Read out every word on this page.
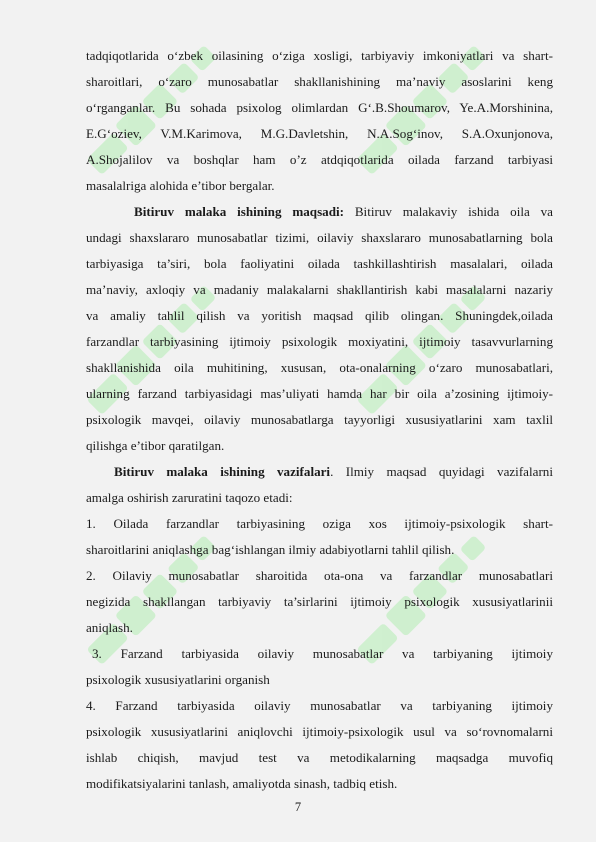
tadqiqotlarida o‘zbek oilasining o‘ziga xosligi, tarbiyaviy imkoniyatlari va shart-
sharoitlari, o‘zaro munosabatlar shakllanishining ma’naviy asoslarini keng
o‘rganganlar. Bu sohada psixolog olimlardan G‘.B.Shoumarov, Ye.A.Morshinina,
E.G‘oziev, V.M.Karimova, M.G.Davletshin, N.A.Sog‘inov, S.A.Oxunjonova,
A.Shojalilov va boshqlar ham o’z atdqiqotlarida oilada farzand tarbiyasi
masalalriga alohida e’tibor bergalar.
Bitiruv malaka ishining maqsadi: Bitiruv malakaviy ishida oila va
undagi shaxslararo munosabatlar tizimi, oilaviy shaxslararo munosabatlarning bola
tarbiyasiga ta’siri, bola faoliyatini oilada tashkillashtirish masalalari, oilada
ma’naviy, axloqiy va madaniy malakalarni shakllantirish kabi masalalarni nazariy
va amaliy tahlil qilish va yoritish maqsad qilib olingan. Shuningdek,oilada
farzandlar tarbiyasining ijtimoiy psixologik moxiyatini, ijtimoiy tasavvurlarning
shakllanishida oila muhitining, xususan, ota-onalarning o‘zaro munosabatlari,
ularning farzand tarbiyasidagi mas’uliyati hamda har bir oila a’zosining ijtimoiy-
psixologik mavqei, oilaviy munosabatlarga tayyorligi xususiyatlarini xam taxlil
qilishga e’tibor qaratilgan.
Bitiruv malaka ishining vazifalari. Ilmiy maqsad quyidagi vazifalarni
amalga oshirish zaruratini taqozo etadi:
1. Oilada farzandlar tarbiyasining oziga xos ijtimoiy-psixologik shart-
sharoitlarini aniqlashga bag‘ishlangan ilmiy adabiyotlarni tahlil qilish.
2. Oilaviy munosabatlar sharoitida ota-ona va farzandlar munosabatlari
negizida shakllangan tarbiyaviy ta’sirlarini ijtimoiy psixologik xususiyatlarinii
aniqlash.
3. Farzand tarbiyasida oilaviy munosabatlar va tarbiyaning ijtimoiy
psixologik xususiyatlarini organish
4. Farzand tarbiyasida oilaviy munosabatlar va tarbiyaning ijtimoiy
psixologik xususiyatlarini aniqlovchi ijtimoiy-psixologik usul va so‘rovnomalarni
ishlab chiqish, mavjud test va metodikalarning maqsadga muvofiq
modifikatsiyalarini tanlash, amaliyotda sinash, tadbiq etish.
7
